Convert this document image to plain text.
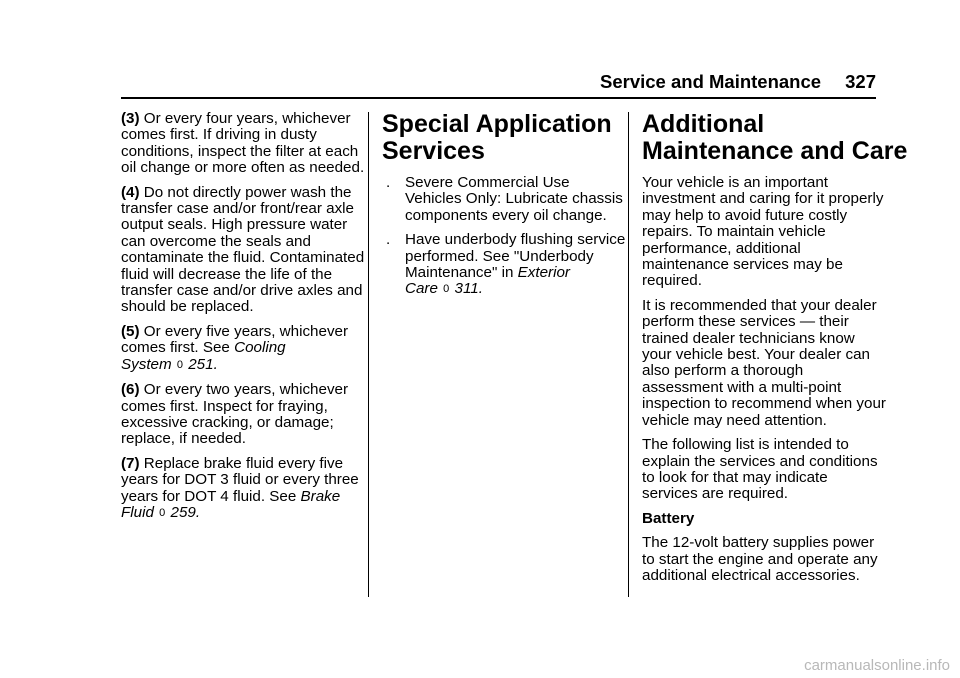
Service and Maintenance	327
(3) Or every four years, whichever
comes first. If driving in dusty
conditions, inspect the filter at each
oil change or more often as needed.
(4) Do not directly power wash the
transfer case and/or front/rear axle
output seals. High pressure water
can overcome the seals and
contaminate the fluid. Contaminated
fluid will decrease the life of the
transfer case and/or drive axles and
should be replaced.
(5) Or every five years, whichever
comes first. See Cooling
System 0 251.
(6) Or every two years, whichever
comes first. Inspect for fraying,
excessive cracking, or damage;
replace, if needed.
(7) Replace brake fluid every five
years for DOT 3 fluid or every three
years for DOT 4 fluid. See Brake
Fluid 0 259.
Special Application
Services
. Severe Commercial Use
Vehicles Only: Lubricate chassis
components every oil change.
. Have underbody flushing service
performed. See "Underbody
Maintenance" in Exterior
Care 0 311.
Additional
Maintenance and Care
Your vehicle is an important
investment and caring for it properly
may help to avoid future costly
repairs. To maintain vehicle
performance, additional
maintenance services may be
required.
It is recommended that your dealer
perform these services — their
trained dealer technicians know
your vehicle best. Your dealer can
also perform a thorough
assessment with a multi-point
inspection to recommend when your
vehicle may need attention.
The following list is intended to
explain the services and conditions
to look for that may indicate
services are required.
Battery
The 12-volt battery supplies power
to start the engine and operate any
additional electrical accessories.
carmanualsonline.info
